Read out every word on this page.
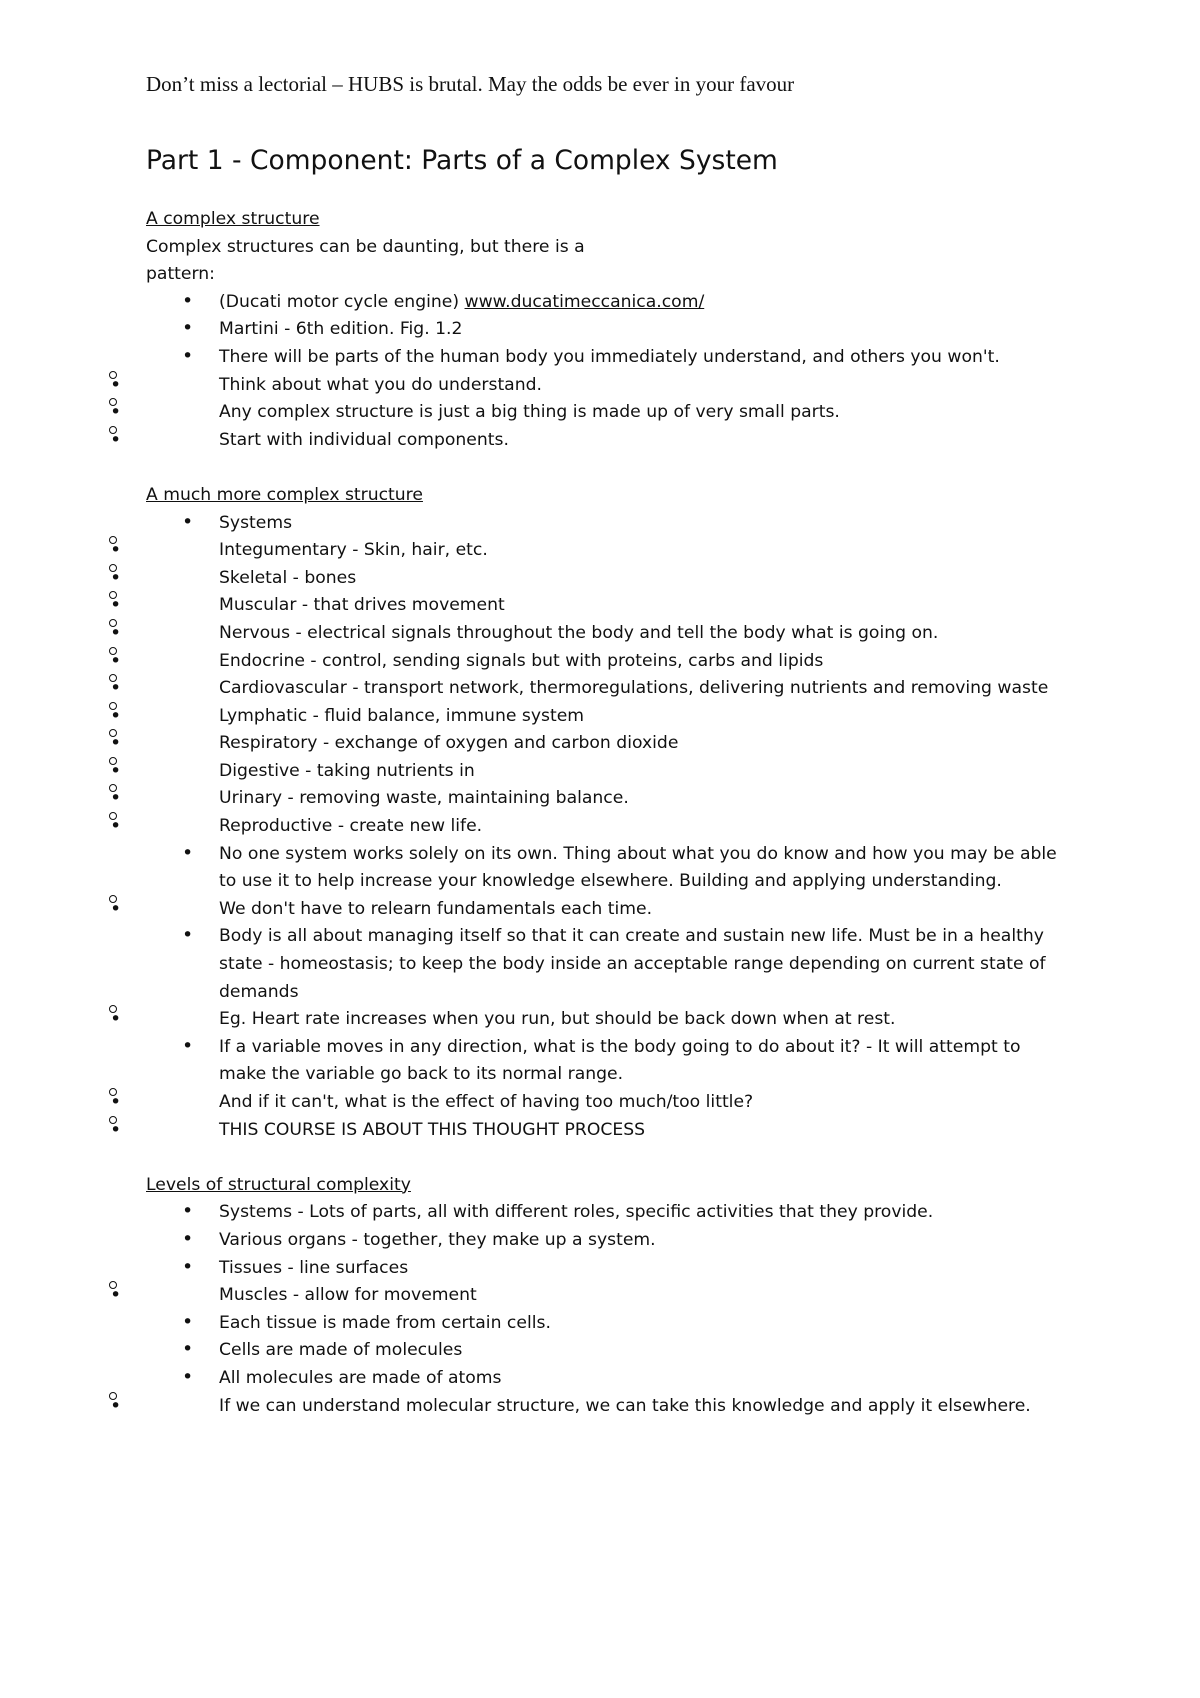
Don’t miss a lectorial – HUBS is brutal. May the odds be ever in your favour
Part 1 - Component: Parts of a Complex System
A complex structure

Complex structures can be daunting, but there is a

pattern:

• (Ducati motor cycle engine) www.ducatimeccanica.com/
• Martini - 6th edition. Fig. 1.2
• There will be parts of the human body you immediately understand, and others you won't.
• Think about what you do understand.
• Any complex structure is just a big thing is made up of very small parts.
• Start with individual components.
A much more complex structure
• Systems
• Integumentary - Skin, hair, etc.
• Skeletal - bones
• Muscular - that drives movement
• Nervous - electrical signals throughout the body and tell the body what is going on.
• Endocrine - control, sending signals but with proteins, carbs and lipids
• Cardiovascular - transport network, thermoregulations, delivering nutrients and removing waste
• Lymphatic - fluid balance, immune system
• Respiratory - exchange of oxygen and carbon dioxide
• Digestive - taking nutrients in
• Urinary - removing waste, maintaining balance.
• Reproductive - create new life.
• No one system works solely on its own. Thing about what you do know and how you may be able to use it to help increase your knowledge elsewhere. Building and applying understanding.
• We don't have to relearn fundamentals each time.
• Body is all about managing itself so that it can create and sustain new life. Must be in a healthy state - homeostasis; to keep the body inside an acceptable range depending on current state of demands
• Eg. Heart rate increases when you run, but should be back down when at rest.
• If a variable moves in any direction, what is the body going to do about it? - It will attempt to make the variable go back to its normal range.
• And if it can't, what is the effect of having too much/too little?
• THIS COURSE IS ABOUT THIS THOUGHT PROCESS
Levels of structural complexity
• Systems - Lots of parts, all with different roles, specific activities that they provide.
• Various organs - together, they make up a system.
• Tissues - line surfaces
• Muscles - allow for movement
• Each tissue is made from certain cells.
• Cells are made of molecules
• All molecules are made of atoms
• If we can understand molecular structure, we can take this knowledge and apply it elsewhere.
